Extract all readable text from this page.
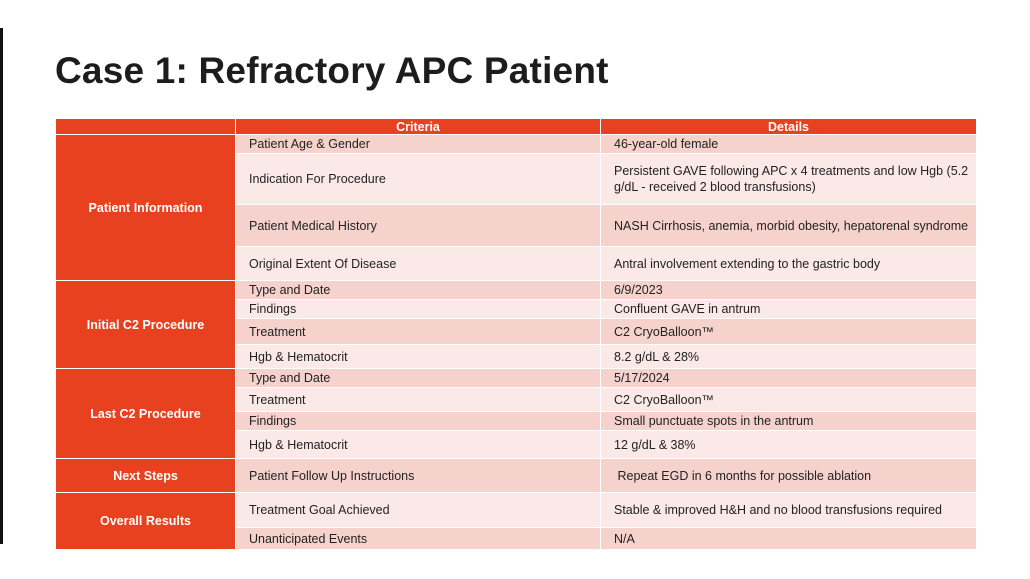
Case 1: Refractory APC Patient
	Criteria	Details
Patient Information	Patient Age & Gender	46-year-old female
	Indication For Procedure	Persistent GAVE following APC x 4 treatments and low Hgb (5.2 g/dL - received 2 blood transfusions)
	Patient Medical History	NASH Cirrhosis, anemia, morbid obesity, hepatorenal syndrome
	Original Extent Of Disease	Antral involvement extending to the gastric body
Initial C2 Procedure	Type and Date	6/9/2023
	Findings	Confluent GAVE in antrum
	Treatment	C2 CryoBalloon™
	Hgb & Hematocrit	8.2 g/dL & 28%
Last C2 Procedure	Type and Date	5/17/2024
	Treatment	C2 CryoBalloon™
	Findings	Small punctuate spots in the antrum
	Hgb & Hematocrit	12 g/dL & 38%
Next Steps	Patient Follow Up Instructions	Repeat EGD in 6 months for possible ablation
Overall Results	Treatment Goal Achieved	Stable & improved H&H and no blood transfusions required
	Unanticipated Events	N/A
